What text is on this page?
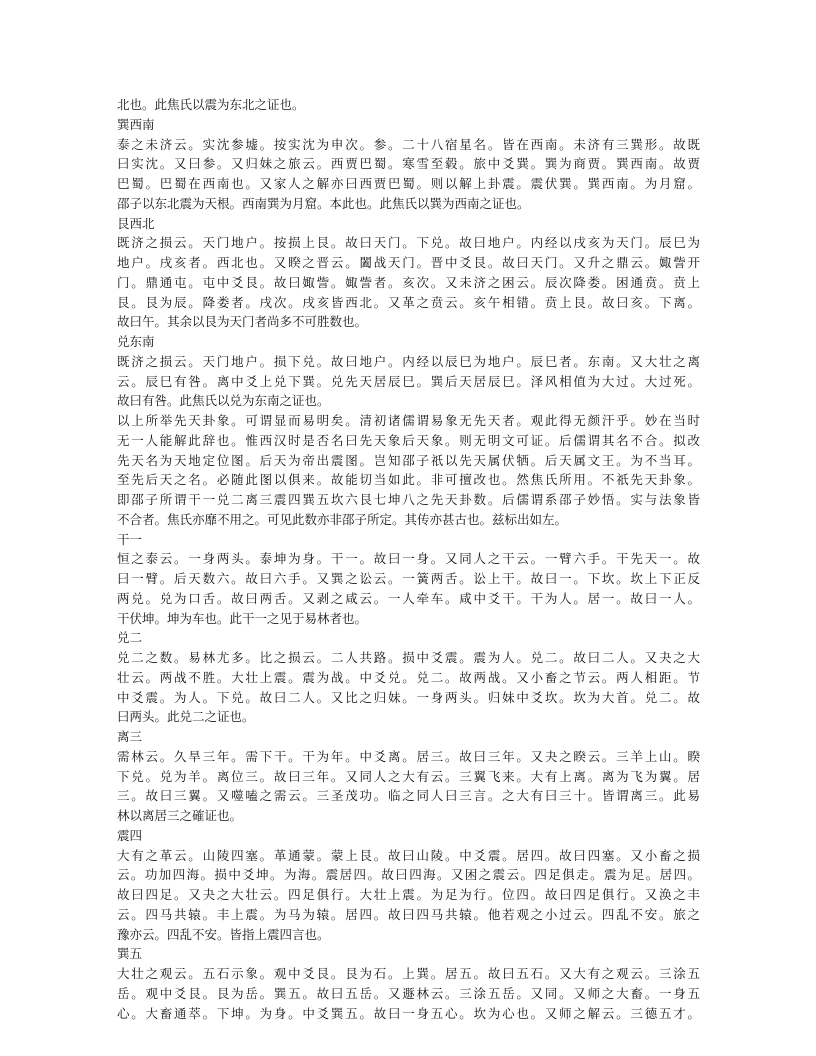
北也。此焦氏以震为东北之证也。
巽西南
泰之未济云。实沈参墟。按实沈为申次。参。二十八宿星名。皆在西南。未济有三巽形。故既
曰实沈。又曰参。又归妹之旅云。西贾巴蜀。寒雪至毂。旅中爻巽。巽为商贾。巽西南。故贾
巴蜀。巴蜀在西南也。又家人之解亦曰西贾巴蜀。则以解上卦震。震伏巽。巽西南。为月窟。
邵子以东北震为天根。西南巽为月窟。本此也。此焦氏以巽为西南之证也。
艮西北
既济之损云。天门地户。按损上艮。故曰天门。下兑。故曰地户。内经以戌亥为天门。辰巳为
地户。戌亥者。西北也。又睽之晋云。闔战天门。晋中爻艮。故曰天门。又升之鼎云。娵訾开
门。鼎通屯。屯中爻艮。故曰娵訾。娵訾者。亥次。又未济之困云。辰次降娄。困通贲。贲上
艮。艮为辰。降娄者。戌次。戌亥皆西北。又革之贲云。亥午相错。贲上艮。故曰亥。下离。
故曰午。其余以艮为天门者尚多不可胜数也。
兑东南
既济之损云。天门地户。损下兑。故曰地户。内经以辰巳为地户。辰巳者。东南。又大壮之离
云。辰巳有咎。离中爻上兑下巽。兑先天居辰巳。巽后天居辰巳。泽风相值为大过。大过死。
故曰有咎。此焦氏以兑为东南之证也。
以上所举先天卦象。可谓显而易明矣。清初诸儒谓易象无先天者。观此得无颜汗乎。妙在当时
无一人能解此辞也。惟西汉时是否名曰先天象后天象。则无明文可证。后儒谓其名不合。拟改
先天名为天地定位图。后天为帝出震图。岂知邵子祇以先天属伏牺。后天属文王。为不当耳。
至先后天之名。必随此图以俱来。故能切当如此。非可擅改也。然焦氏所用。不祇先天卦象。
即邵子所谓干一兑二离三震四巽五坎六艮七坤八之先天卦数。后儒谓系邵子妙悟。实与法象皆
不合者。焦氏亦靡不用之。可见此数亦非邵子所定。其传亦甚古也。兹标出如左。
干一
恒之泰云。一身两头。泰坤为身。干一。故曰一身。又同人之干云。一臂六手。干先天一。故
曰一臂。后天数六。故曰六手。又巽之讼云。一簧两舌。讼上干。故曰一。下坎。坎上下正反
两兑。兑为口舌。故曰两舌。又剥之咸云。一人牵车。咸中爻干。干为人。居一。故曰一人。
干伏坤。坤为车也。此干一之见于易林者也。
兑二
兑二之数。易林尤多。比之损云。二人共路。损中爻震。震为人。兑二。故曰二人。又夬之大
壮云。两战不胜。大壮上震。震为战。中爻兑。兑二。故两战。又小畜之节云。两人相距。节
中爻震。为人。下兑。故曰二人。又比之归妹。一身两头。归妹中爻坎。坎为大首。兑二。故
曰两头。此兑二之证也。
离三
需林云。久旱三年。需下干。干为年。中爻离。居三。故曰三年。又夬之睽云。三羊上山。睽
下兑。兑为羊。离位三。故曰三年。又同人之大有云。三翼飞来。大有上离。离为飞为翼。居
三。故曰三翼。又噬嗑之需云。三圣茂功。临之同人曰三言。之大有曰三十。皆谓离三。此易
林以离居三之確证也。
震四
大有之革云。山陵四塞。革通蒙。蒙上艮。故曰山陵。中爻震。居四。故曰四塞。又小畜之损
云。功加四海。损中爻坤。为海。震居四。故曰四海。又困之震云。四足俱走。震为足。居四。
故曰四足。又夬之大壮云。四足俱行。大壮上震。为足为行。位四。故曰四足俱行。又涣之丰
云。四马共辕。丰上震。为马为辕。居四。故曰四马共辕。他若观之小过云。四乱不安。旅之
豫亦云。四乱不安。皆指上震四言也。
巽五
大壮之观云。五石示象。观中爻艮。艮为石。上巽。居五。故曰五石。又大有之观云。三涂五
岳。观中爻艮。艮为岳。巽五。故曰五岳。又遯林云。三涂五岳。又同。又师之大畜。一身五
心。大畜通萃。下坤。为身。中爻巽五。故曰一身五心。坎为心也。又师之解云。三德五才。
